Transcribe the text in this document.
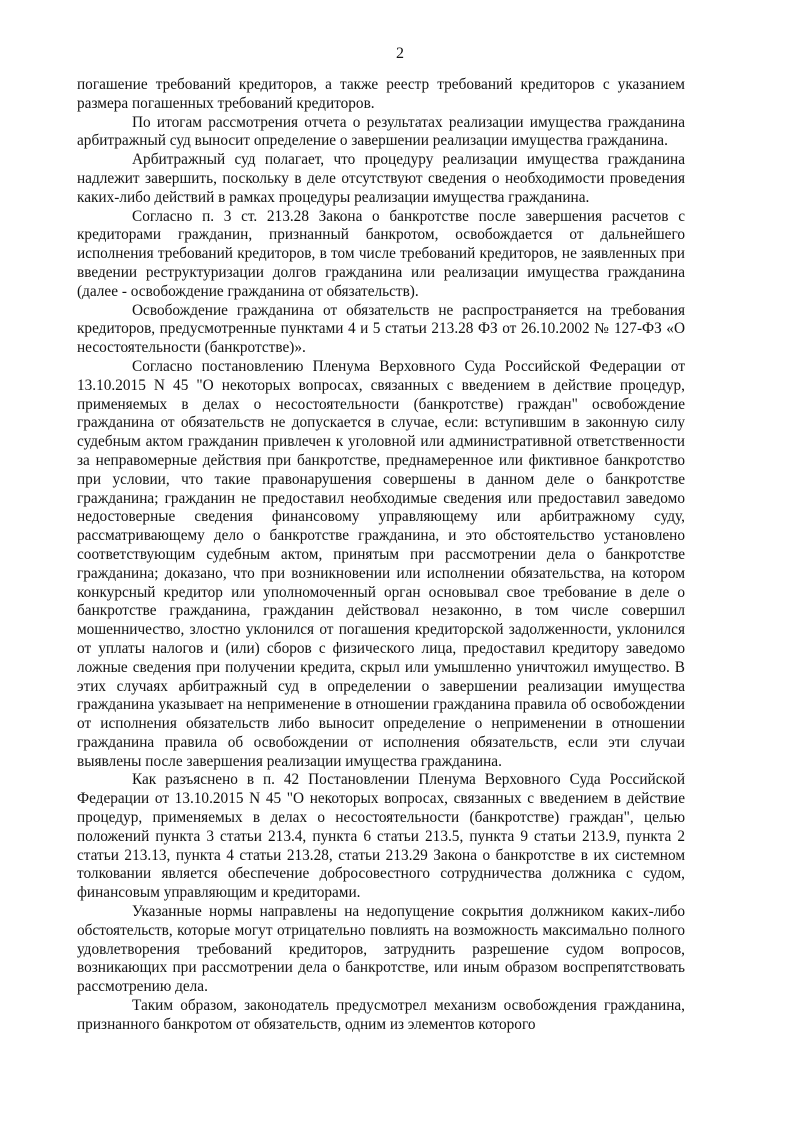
2

погашение требований кредиторов, а также реестр требований кредиторов с указанием размера погашенных требований кредиторов.

По итогам рассмотрения отчета о результатах реализации имущества гражданина арбитражный суд выносит определение о завершении реализации имущества гражданина.

Арбитражный суд полагает, что процедуру реализации имущества гражданина надлежит завершить, поскольку в деле отсутствуют сведения о необходимости проведения каких-либо действий в рамках процедуры реализации имущества гражданина.

Согласно п. 3 ст. 213.28 Закона о банкротстве после завершения расчетов с кредиторами гражданин, признанный банкротом, освобождается от дальнейшего исполнения требований кредиторов, в том числе требований кредиторов, не заявленных при введении реструктуризации долгов гражданина или реализации имущества гражданина (далее - освобождение гражданина от обязательств).

Освобождение гражданина от обязательств не распространяется на требования кредиторов, предусмотренные пунктами 4 и 5 статьи 213.28 ФЗ от 26.10.2002 № 127-ФЗ «О несостоятельности (банкротстве)».

Согласно постановлению Пленума Верховного Суда Российской Федерации от 13.10.2015 N 45 "О некоторых вопросах, связанных с введением в действие процедур, применяемых в делах о несостоятельности (банкротстве) граждан" освобождение гражданина от обязательств не допускается в случае, если: вступившим в законную силу судебным актом гражданин привлечен к уголовной или административной ответственности за неправомерные действия при банкротстве, преднамеренное или фиктивное банкротство при условии, что такие правонарушения совершены в данном деле о банкротстве гражданина; гражданин не предоставил необходимые сведения или предоставил заведомо недостоверные сведения финансовому управляющему или арбитражному суду, рассматривающему дело о банкротстве гражданина, и это обстоятельство установлено соответствующим судебным актом, принятым при рассмотрении дела о банкротстве гражданина; доказано, что при возникновении или исполнении обязательства, на котором конкурсный кредитор или уполномоченный орган основывал свое требование в деле о банкротстве гражданина, гражданин действовал незаконно, в том числе совершил мошенничество, злостно уклонился от погашения кредиторской задолженности, уклонился от уплаты налогов и (или) сборов с физического лица, предоставил кредитору заведомо ложные сведения при получении кредита, скрыл или умышленно уничтожил имущество. В этих случаях арбитражный суд в определении о завершении реализации имущества гражданина указывает на неприменение в отношении гражданина правила об освобождении от исполнения обязательств либо выносит определение о неприменении в отношении гражданина правила об освобождении от исполнения обязательств, если эти случаи выявлены после завершения реализации имущества гражданина.

Как разъяснено в п. 42 Постановлении Пленума Верховного Суда Российской Федерации от 13.10.2015 N 45 "О некоторых вопросах, связанных с введением в действие процедур, применяемых в делах о несостоятельности (банкротстве) граждан", целью положений пункта 3 статьи 213.4, пункта 6 статьи 213.5, пункта 9 статьи 213.9, пункта 2 статьи 213.13, пункта 4 статьи 213.28, статьи 213.29 Закона о банкротстве в их системном толковании является обеспечение добросовестного сотрудничества должника с судом, финансовым управляющим и кредиторами.

Указанные нормы направлены на недопущение сокрытия должником каких-либо обстоятельств, которые могут отрицательно повлиять на возможность максимально полного удовлетворения требований кредиторов, затруднить разрешение судом вопросов, возникающих при рассмотрении дела о банкротстве, или иным образом воспрепятствовать рассмотрению дела.

Таким образом, законодатель предусмотрел механизм освобождения гражданина, признанного банкротом от обязательств, одним из элементов которого
